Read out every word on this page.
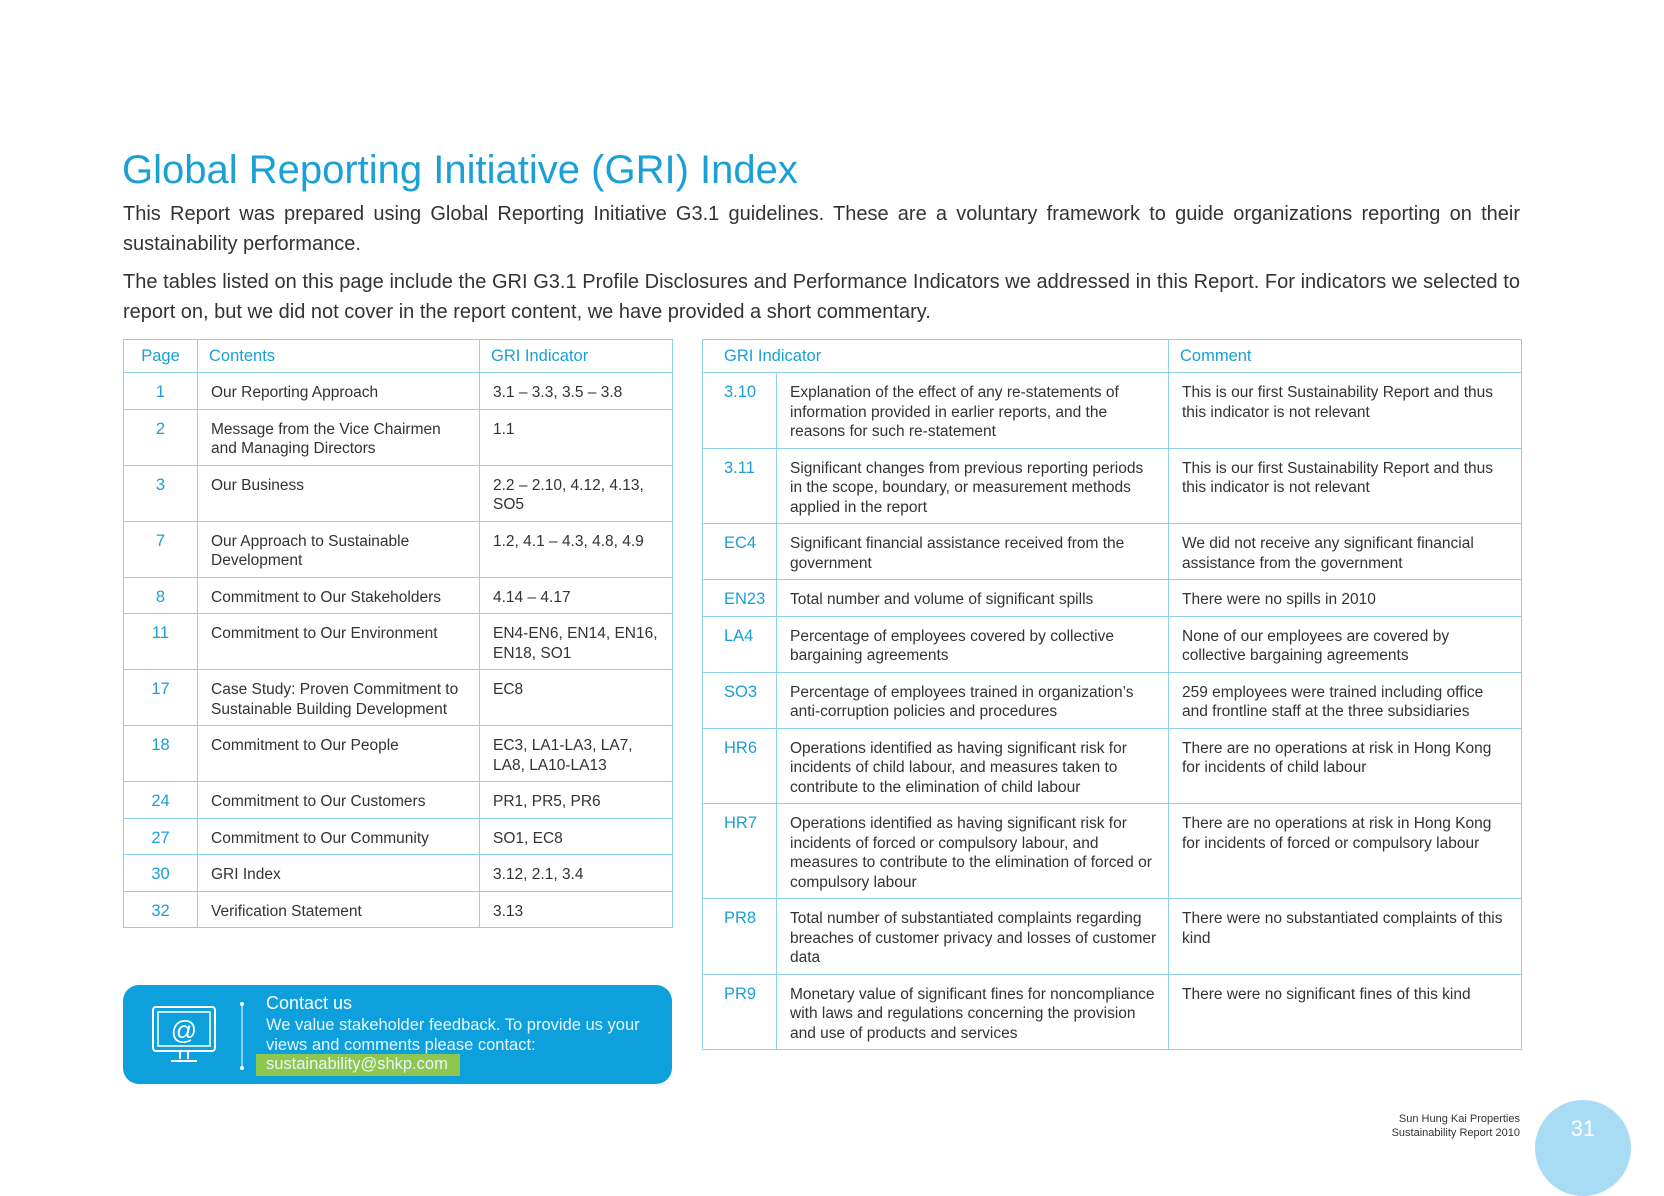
Global Reporting Initiative (GRI) Index

This Report was prepared using Global Reporting Initiative G3.1 guidelines. These are a voluntary framework to guide organizations reporting on their sustainability performance.

The tables listed on this page include the GRI G3.1 Profile Disclosures and Performance Indicators we addressed in this Report. For indicators we selected to report on, but we did not cover in the report content, we have provided a short commentary.

Page	Contents	GRI Indicator
1	Our Reporting Approach	3.1 – 3.3, 3.5 – 3.8
2	Message from the Vice Chairmen and Managing Directors	1.1
3	Our Business	2.2 – 2.10, 4.12, 4.13, SO5
7	Our Approach to Sustainable Development	1.2, 4.1 – 4.3, 4.8, 4.9
8	Commitment to Our Stakeholders	4.14 – 4.17
11	Commitment to Our Environment	EN4-EN6, EN14, EN16, EN18, SO1
17	Case Study: Proven Commitment to Sustainable Building Development	EC8
18	Commitment to Our People	EC3, LA1-LA3, LA7, LA8, LA10-LA13
24	Commitment to Our Customers	PR1, PR5, PR6
27	Commitment to Our Community	SO1, EC8
30	GRI Index	3.12, 2.1, 3.4
32	Verification Statement	3.13
GRI Indicator		Comment
3.10	Explanation of the effect of any re-statements of information provided in earlier reports, and the reasons for such re-statement	This is our first Sustainability Report and thus this indicator is not relevant
3.11	Significant changes from previous reporting periods in the scope, boundary, or measurement methods applied in the report	This is our first Sustainability Report and thus this indicator is not relevant
EC4	Significant financial assistance received from the government	We did not receive any significant financial assistance from the government
EN23	Total number and volume of significant spills	There were no spills in 2010
LA4	Percentage of employees covered by collective bargaining agreements	None of our employees are covered by collective bargaining agreements
SO3	Percentage of employees trained in organization’s anti-corruption policies and procedures	259 employees were trained including office and frontline staff at the three subsidiaries
HR6	Operations identified as having significant risk for incidents of child labour, and measures taken to contribute to the elimination of child labour	There are no operations at risk in Hong Kong for incidents of child labour
HR7	Operations identified as having significant risk for incidents of forced or compulsory labour, and measures to contribute to the elimination of forced or compulsory labour	There are no operations at risk in Hong Kong for incidents of forced or compulsory labour
PR8	Total number of substantiated complaints regarding breaches of customer privacy and losses of customer data	There were no substantiated complaints of this kind
PR9	Monetary value of significant fines for noncompliance with laws and regulations concerning the provision and use of products and services	There were no significant fines of this kind
@
Contact us
We value stakeholder feedback. To provide us your views and comments please contact:
sustainability@shkp.com
Sun Hung Kai Properties
Sustainability Report 2010	31
